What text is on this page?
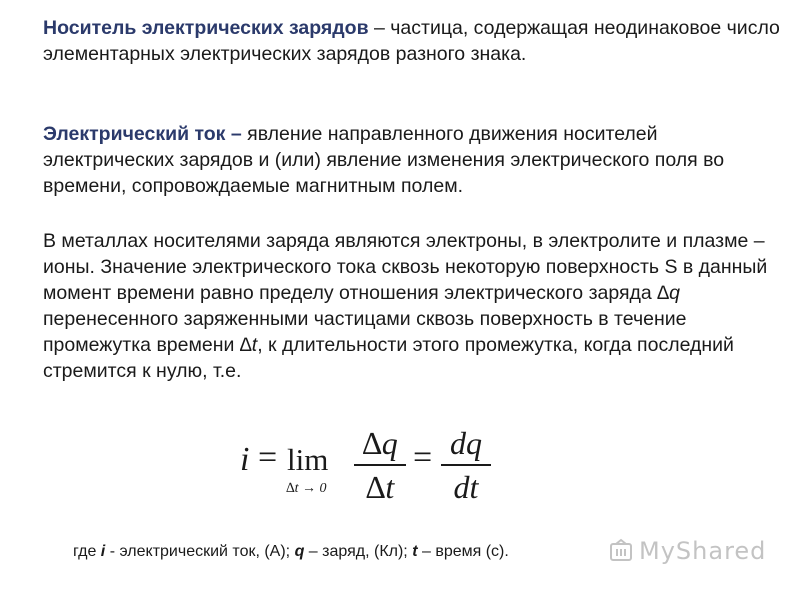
Носитель электрических зарядов – частица, содержащая неодинаковое число элементарных электрических зарядов разного знака.

Электрический ток – явление направленного движения носителей электрических зарядов и (или) явление изменения электрического поля во времени, сопровождаемые магнитным полем.

В металлах носителями заряда являются электроны, в электролите и плазме – ионы. Значение электрического тока сквозь некоторую поверхность S в данный момент времени равно пределу отношения электрического заряда ∆q перенесенного заряженными частицами сквозь поверхность в течение промежутка времени ∆t, к длительности этого промежутка, когда последний стремится к нулю, т.е.

i = lim
∆t → 0
∆q
∆t
= dq
dt
где i - электрический ток, (А); q – заряд, (Кл); t – время (с).	MyShared
